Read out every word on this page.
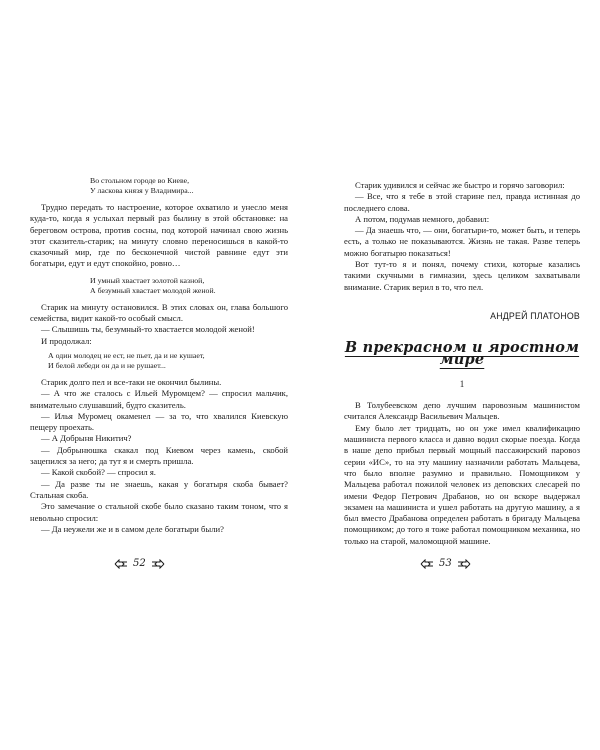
Во стольном городе во Киеве,
У ласкова князя у Владимира...

Трудно передать то настроение, которое охватило и унесло меня куда-то, когда я услыхал первый раз былину в этой обстановке: на береговом острова, против сосны, под которой начинал свою жизнь этот сказитель-старик; на минуту словно переносишься в какой-то сказочный мир, где по бесконечной чистой равнине едут эти богатыри, едут и едут спокойно, ровно…

И умный хвастает золотой казной,
А безумный хвастает молодой женой.

Старик на минуту остановился. В этих словах он, глава большого семейства, видит какой-то особый смысл.

— Слышишь ты, безумный-то хвастается молодой женой!

И продолжал:

А один молодец не ест, не пьет, да и не кушает,
И белой лебеди он да и не рушает...

Старик долго пел и все-таки не окончил былины.

— А что же сталось с Ильей Муромцем? — спросил мальчик, внимательно слушавший, будто сказитель.

— Илья Муромец окаменел — за то, что хвалился Киевскую пещеру проехать.

— А Добрыня Никитич?

— Добрынюшка скакал под Киевом через камень, скобой зацепился за него; да тут я и смерть пришла.

— Какой скобой? — спросил я.

— Да разве ты не знаешь, какая у богатыря скоба бывает? Стальная скоба.

Это замечание о стальной скобе было сказано таким тоном, что я невольно спросил:

— Да неужели же и в самом деле богатыри были?

52

Старик удивился и сейчас же быстро и горячо заговорил:

— Все, что я тебе в этой старине пел, правда истинная до последнего слова.

А потом, подумав немного, добавил:

— Да знаешь что, — они, богатыри-то, может быть, и теперь есть, а только не показываются. Жизнь не такая. Разве теперь можно богатырю показаться!

Вот тут-то я и понял, почему стихи, которые казались такими скучными в гимназии, здесь целиком захватывали внимание. Старик верил в то, что пел.

АНДРЕЙ ПЛАТОНОВ
В прекрасном и яростном мире
1

В Толубеевском депо лучшим паровозным машинистом считался Александр Васильевич Мальцев.

Ему было лет тридцать, но он уже имел квалификацию машиниста первого класса и давно водил скорые поезда. Когда в наше депо прибыл первый мощный пассажирский паровоз серии «ИС», то на эту машину назначили работать Мальцева, что было вполне разумно и правильно. Помощником у Мальцева работал пожилой человек из деповских слесарей по имени Федор Петрович Драбанов, но он вскоре выдержал экзамен на машиниста и ушел работать на другую машину, а я был вместо Драбанова определен работать в бригаду Мальцева помощником; до того я тоже работал помощником механика, но только на старой, маломощной машине.

53
